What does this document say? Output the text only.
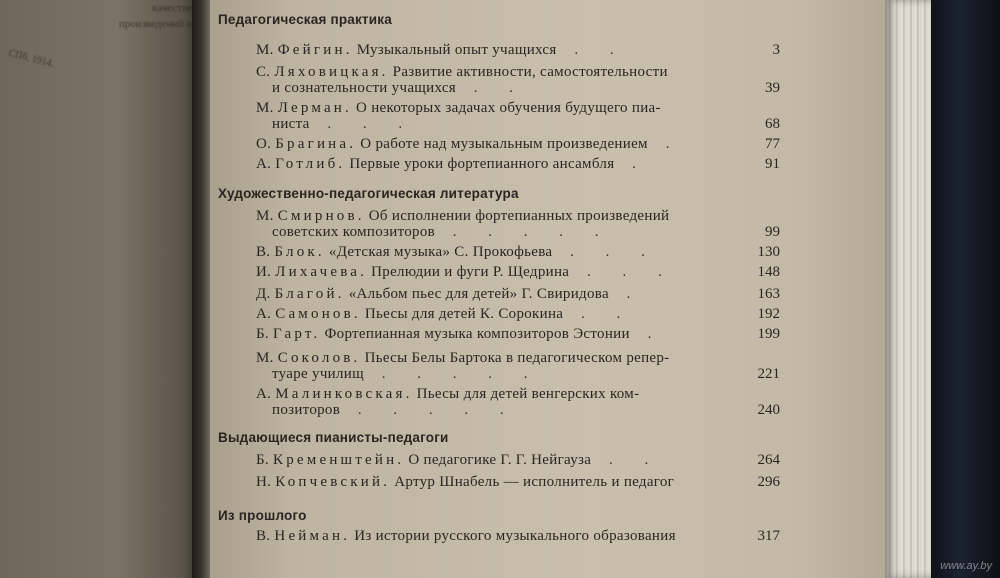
качестве
произведений в
СПб, 1914.
Педагогическая практика
М. Фейгин. Музыкальный опыт учащихся . .	3
С. Ляховицкая. Развитие активности, самостоятельности
и сознательности учащихся . .	39
М. Лерман. О некоторых задачах обучения будущего пиа-
ниста . . .	68
О. Брагина. О работе над музыкальным произведением .	77
А. Готлиб. Первые уроки фортепианного ансамбля .	91
Художественно-педагогическая литература
М. Смирнов. Об исполнении фортепианных произведений
советских композиторов . . . . .	99
В. Блок. «Детская музыка» С. Прокофьева . . .	130
И. Лихачева. Прелюдии и фуги Р. Щедрина . . .	148
Д. Благой. «Альбом пьес для детей» Г. Свиридова .	163
А. Самонов. Пьесы для детей К. Сорокина . .	192
Б. Гарт. Фортепианная музыка композиторов Эстонии .	199
М. Соколов. Пьесы Белы Бартока в педагогическом репер-
туаре училищ . . . . .	221
А. Малинковская. Пьесы для детей венгерских ком-
позиторов . . . . .	240
Выдающиеся пианисты-педагоги
Б. Кременштейн. О педагогике Г. Г. Нейгауза . .	264
Н. Копчевский. Артур Шнабель — исполнитель и педагог	296
Из прошлого
В. Нейман. Из истории русского музыкального образования	317
www.ay.by
